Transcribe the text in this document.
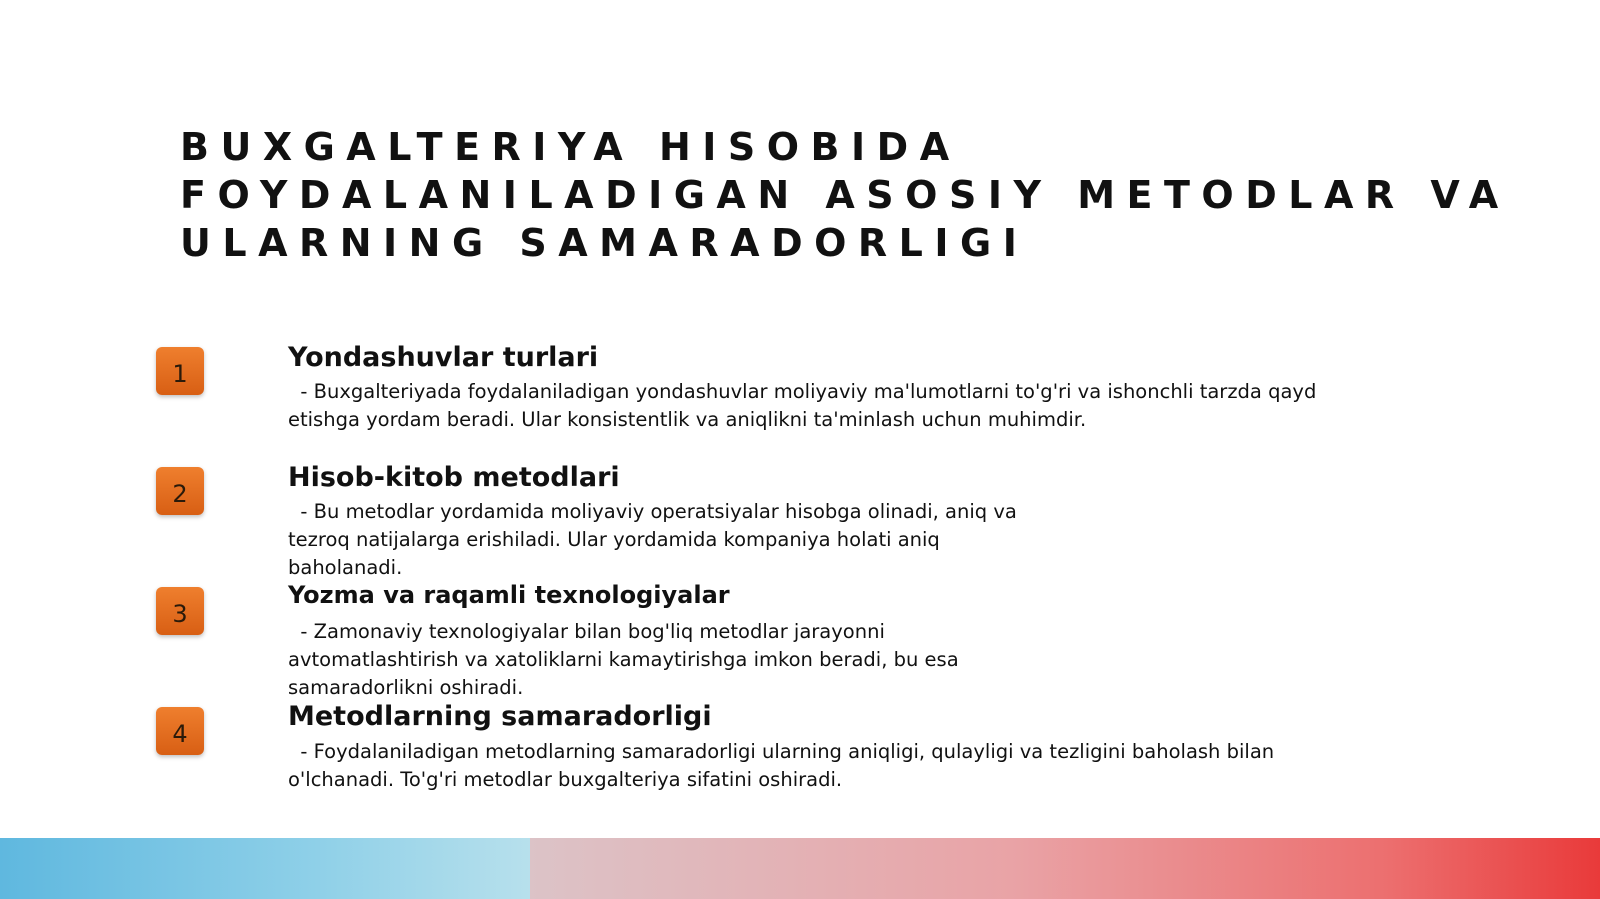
BUXGALTERIYA HISOBIDA
FOYDALANILADIGAN ASOSIY METODLAR VA
ULARNING SAMARADORLIGI
1
Yondashuvlar turlari

- Buxgalteriyada foydalaniladigan yondashuvlar moliyaviy ma'lumotlarni to'g'ri va ishonchli tarzda qayd
etishga yordam beradi. Ular konsistentlik va aniqlikni ta'minlash uchun muhimdir.

2
Hisob-kitob metodlari

- Bu metodlar yordamida moliyaviy operatsiyalar hisobga olinadi, aniq va
tezroq natijalarga erishiladi. Ular yordamida kompaniya holati aniq
baholanadi.

3
Yozma va raqamli texnologiyalar

- Zamonaviy texnologiyalar bilan bog'liq metodlar jarayonni
avtomatlashtirish va xatoliklarni kamaytirishga imkon beradi, bu esa
samaradorlikni oshiradi.

4
Metodlarning samaradorligi

- Foydalaniladigan metodlarning samaradorligi ularning aniqligi, qulayligi va tezligini baholash bilan
o'lchanadi. To'g'ri metodlar buxgalteriya sifatini oshiradi.
